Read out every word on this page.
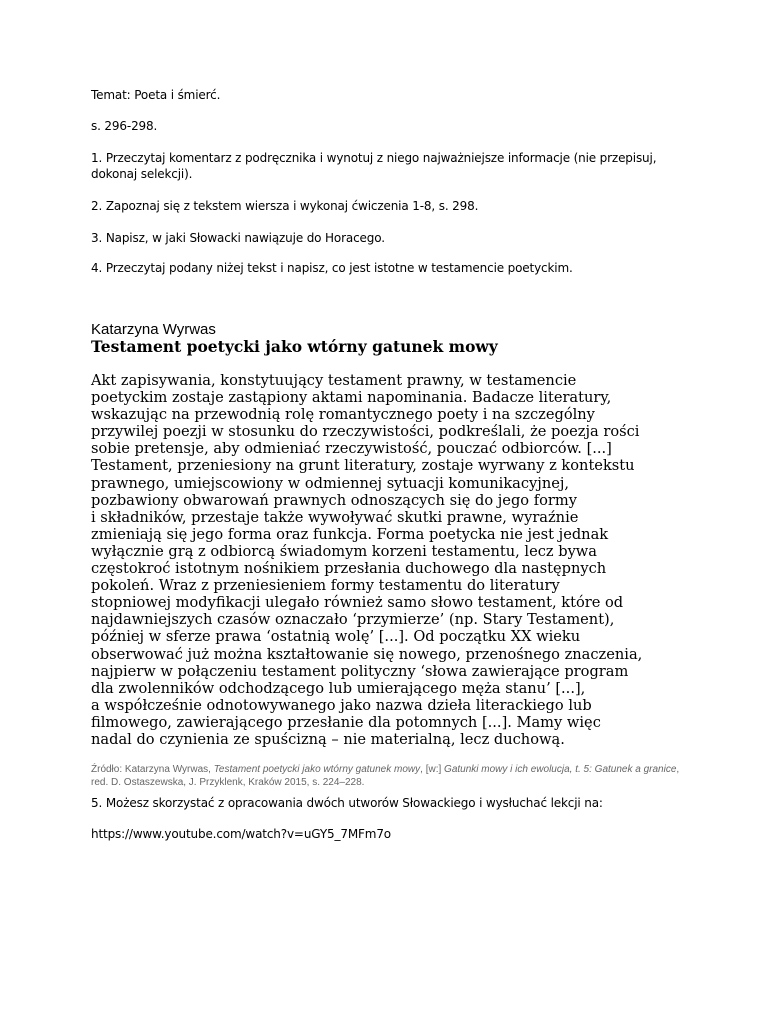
Temat: Poeta i śmierć.
s. 296-298.
1. Przeczytaj komentarz z podręcznika i wynotuj z niego najważniejsze informacje (nie przepisuj, dokonaj selekcji).
2. Zapoznaj się z tekstem wiersza i wykonaj ćwiczenia 1-8, s. 298.
3. Napisz, w jaki Słowacki nawiązuje do Horacego.
4. Przeczytaj podany niżej tekst i napisz, co jest istotne w testamencie poetyckim.
Katarzyna Wyrwas
Testament poetycki jako wtórny gatunek mowy
Akt zapisywania, konstytuujący testament prawny, w testamencie
poetyckim zostaje zastąpiony aktami napominania. Badacze literatury,
wskazując na przewodnią rolę romantycznego poety i na szczególny
przywilej poezji w stosunku do rzeczywistości, podkreślali, że poezja rości
sobie pretensje, aby odmieniać rzeczywistość, pouczać odbiorców. [...]
Testament, przeniesiony na grunt literatury, zostaje wyrwany z kontekstu
prawnego, umiejscowiony w odmiennej sytuacji komunikacyjnej,
pozbawiony obwarowań prawnych odnoszących się do jego formy
i składników, przestaje także wywoływać skutki prawne, wyraźnie
zmieniają się jego forma oraz funkcja. Forma poetycka nie jest jednak
wyłącznie grą z odbiorcą świadomym korzeni testamentu, lecz bywa
częstokroć istotnym nośnikiem przesłania duchowego dla następnych
pokoleń. Wraz z przeniesieniem formy testamentu do literatury
stopniowej modyfikacji ulegało również samo słowo testament, które od
najdawniejszych czasów oznaczało ‘przymierze’ (np. Stary Testament),
później w sferze prawa ‘ostatnią wolę’ [...]. Od początku XX wieku
obserwować już można kształtowanie się nowego, przenośnego znaczenia,
najpierw w połączeniu testament polityczny ‘słowa zawierające program
dla zwolenników odchodzącego lub umierającego męża stanu’ [...],
a współcześnie odnotowywanego jako nazwa dzieła literackiego lub
filmowego, zawierającego przesłanie dla potomnych [...]. Mamy więc
nadal do czynienia ze spuścizną – nie materialną, lecz duchową.
Źródło: Katarzyna Wyrwas, Testament poetycki jako wtórny gatunek mowy, [w:] Gatunki mowy i ich ewolucja, t. 5: Gatunek a granice, red. D. Ostaszewska, J. Przyklenk, Kraków 2015, s. 224–228.
5. Możesz skorzystać z opracowania dwóch utworów Słowackiego i wysłuchać lekcji na:
https://www.youtube.com/watch?v=uGY5_7MFm7o
